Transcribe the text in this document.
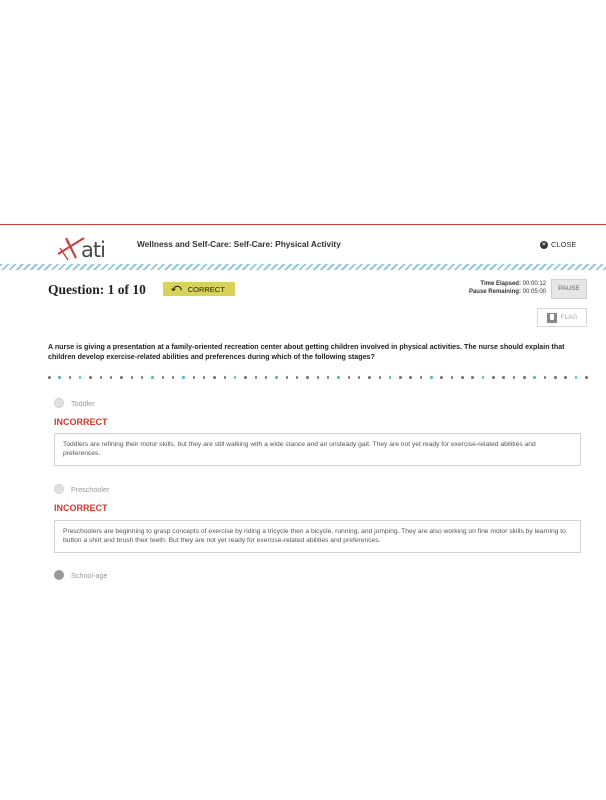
ati	Wellness and Self-Care: Self-Care: Physical Activity	✕ CLOSE
Question: 1 of 10	⤺ CORRECT
Time Elapsed: 00:00:12
Pause Remaining: 00:05:00	PAUSE
FLAG
A nurse is giving a presentation at a family-oriented recreation center about getting children involved in physical activities. The nurse should explain that children develop exercise-related abilities and preferences during which of the following stages?
Toddler
INCORRECT
Toddlers are refining their motor skills, but they are still walking with a wide stance and an unsteady gait. They are not yet ready for exercise-related abilities and preferences.
Preschooler
INCORRECT
Preschoolers are beginning to grasp concepts of exercise by riding a tricycle then a bicycle, running, and jumping. They are also working on fine motor skills by learning to button a shirt and brush their teeth. But they are not yet ready for exercise-related abilities and preferences.
School-age
